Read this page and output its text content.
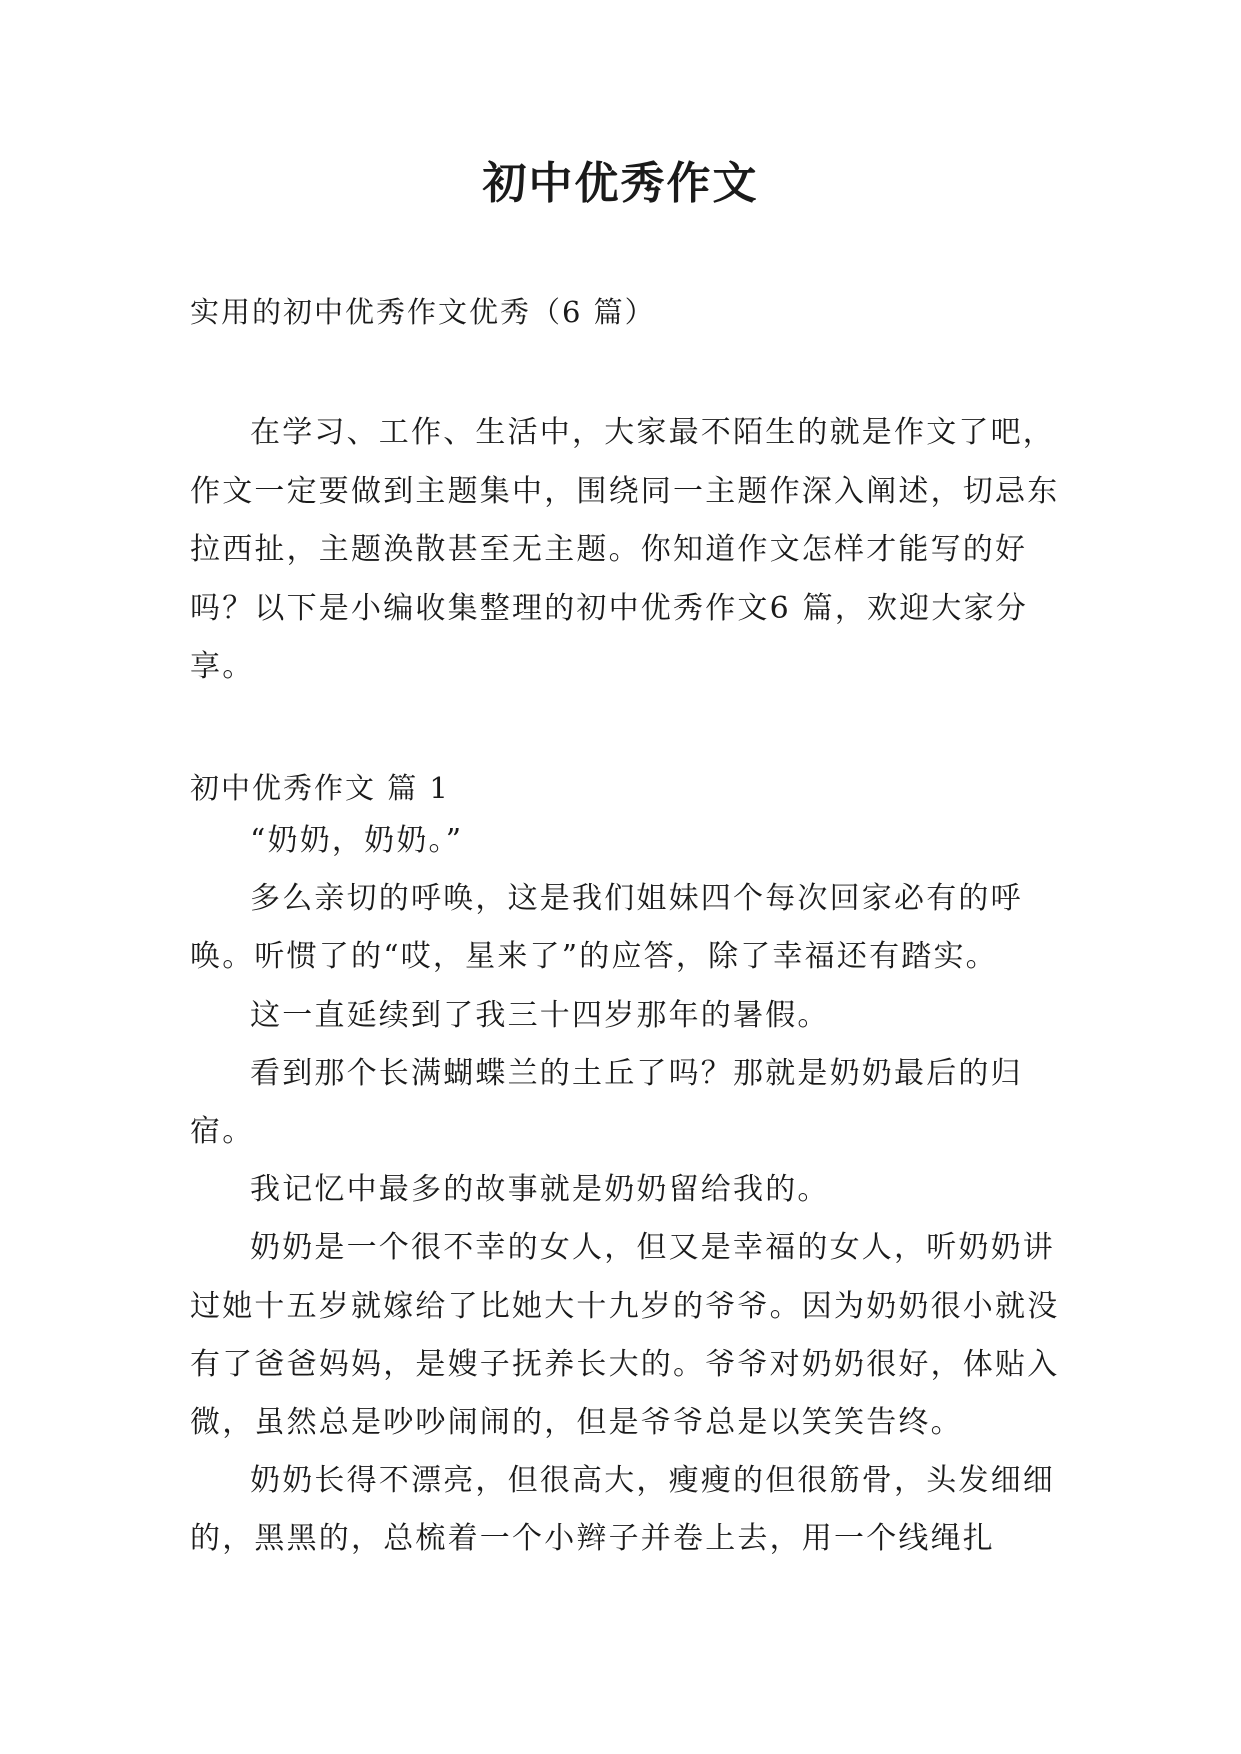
初中优秀作文
实用的初中优秀作文优秀（6 篇）

在学习、工作、生活中，大家最不陌生的就是作文了吧，作文一定要做到主题集中，围绕同一主题作深入阐述，切忌东拉西扯，主题涣散甚至无主题。你知道作文怎样才能写的好吗？以下是小编收集整理的初中优秀作文6 篇，欢迎大家分享。

初中优秀作文 篇 1

“奶奶，奶奶。”

多么亲切的呼唤，这是我们姐妹四个每次回家必有的呼唤。听惯了的“哎，星来了”的应答，除了幸福还有踏实。

这一直延续到了我三十四岁那年的暑假。

看到那个长满蝴蝶兰的土丘了吗？那就是奶奶最后的归宿。

我记忆中最多的故事就是奶奶留给我的。

奶奶是一个很不幸的女人，但又是幸福的女人，听奶奶讲过她十五岁就嫁给了比她大十九岁的爷爷。因为奶奶很小就没有了爸爸妈妈，是嫂子抚养长大的。爷爷对奶奶很好，体贴入微，虽然总是吵吵闹闹的，但是爷爷总是以笑笑告终。

奶奶长得不漂亮，但很高大，瘦瘦的但很筋骨，头发细细的，黑黑的，总梳着一个小辫子并卷上去，用一个线绳扎
